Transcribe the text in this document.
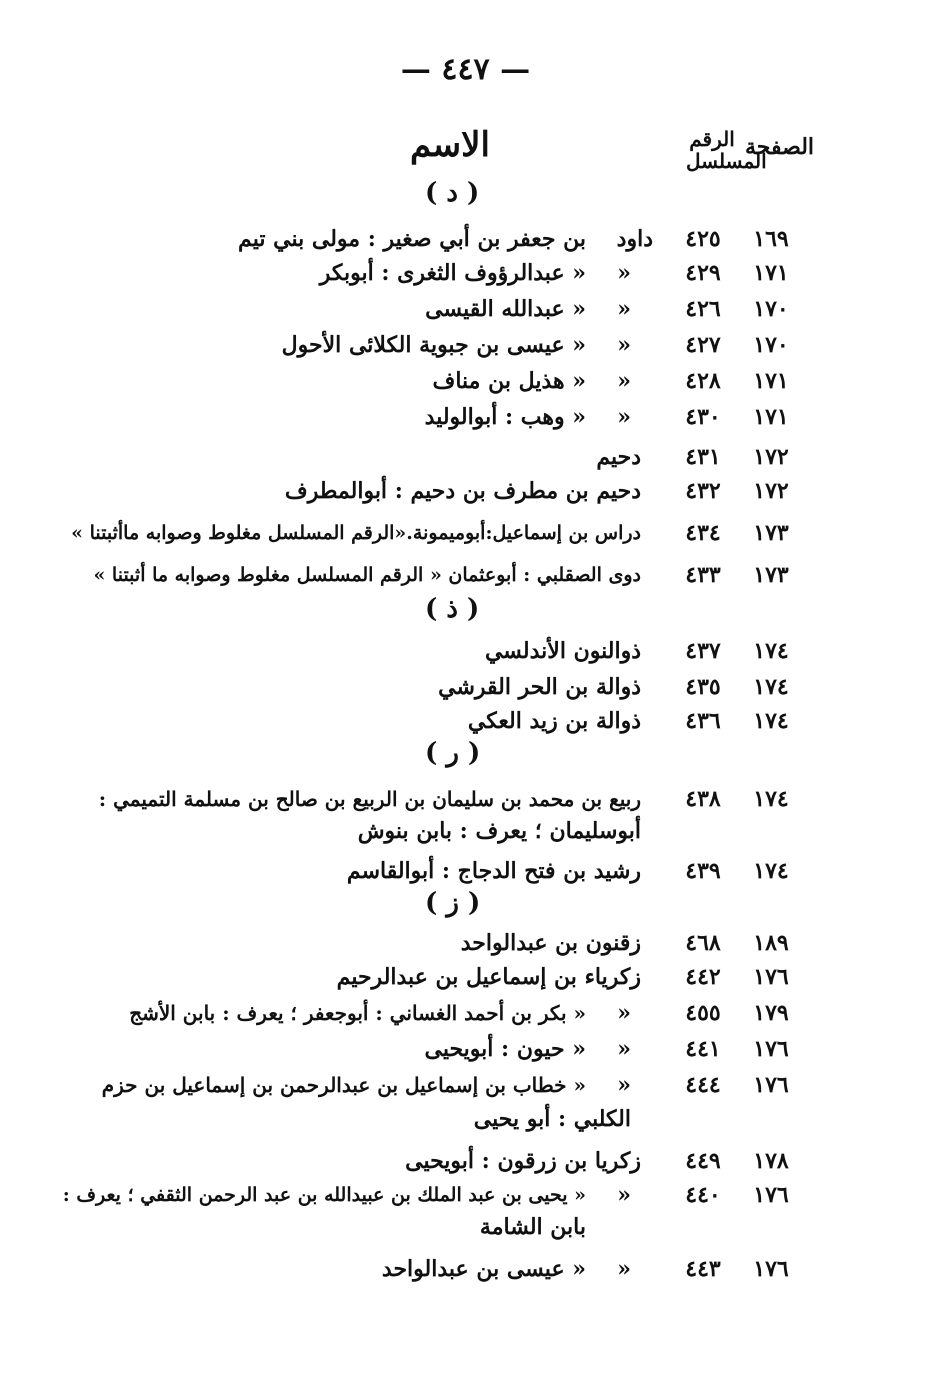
— ٤٤٧ —
الاسم	الرقم المسلسل
الصفحة
( د )
١٦٩
٤٢٥
داود
بن جعفر بن أبي صغير : مولى بني تيم
١٧١
٤٢٩
«
« عبدالرؤوف الثغرى : أبوبكر
١٧٠
٤٢٦
«
« عبدالله القيسى
١٧٠
٤٢٧
«
« عيسى بن جبوية الكلائى الأحول
١٧١
٤٢٨
«
« هذيل بن مناف
١٧١
٤٣٠
«
« وهب : أبوالوليد
١٧٢
٤٣١
دحيم
١٧٢
٤٣٢
دحيم بن مطرف بن دحيم : أبوالمطرف
١٧٣
٤٣٤
دراس بن إسماعيل:أبوميمونة.«الرقم المسلسل مغلوط وصوابه ماأثبتنا »
١٧٣
٤٣٣
دوى الصقلبي : أبوعثمان « الرقم المسلسل مغلوط وصوابه ما أثبتنا »
( ذ )
١٧٤
٤٣٧
ذوالنون الأندلسي
١٧٤
٤٣٥
ذوالة بن الحر القرشي
١٧٤
٤٣٦
ذوالة بن زيد العكي
( ر )
١٧٤
٤٣٨
ربيع بن محمد بن سليمان بن الربيع بن صالح بن مسلمة التميمي :
أبوسليمان ؛ يعرف : بابن بنوش
١٧٤
٤٣٩
رشيد بن فتح الدجاج : أبوالقاسم
( ز )
١٨٩
٤٦٨
زقنون بن عبدالواحد
١٧٦
٤٤٢
زكرياء بن إسماعيل بن عبدالرحيم
١٧٩
٤٥٥
«
« بكر بن أحمد الغساني : أبوجعفر ؛ يعرف : بابن الأشج
١٧٦
٤٤١
«
« حيون : أبويحيى
١٧٦
٤٤٤
«
« خطاب بن إسماعيل بن عبدالرحمن بن إسماعيل بن حزم
الكلبي : أبو يحيى
١٧٨
٤٤٩
زكريا بن زرقون : أبويحيى
١٧٦
٤٤٠
«
« يحيى بن عبد الملك بن عبيدالله بن عبد الرحمن الثقفي ؛ يعرف :
بابن الشامة
١٧٦
٤٤٣
«
« عيسى بن عبدالواحد
